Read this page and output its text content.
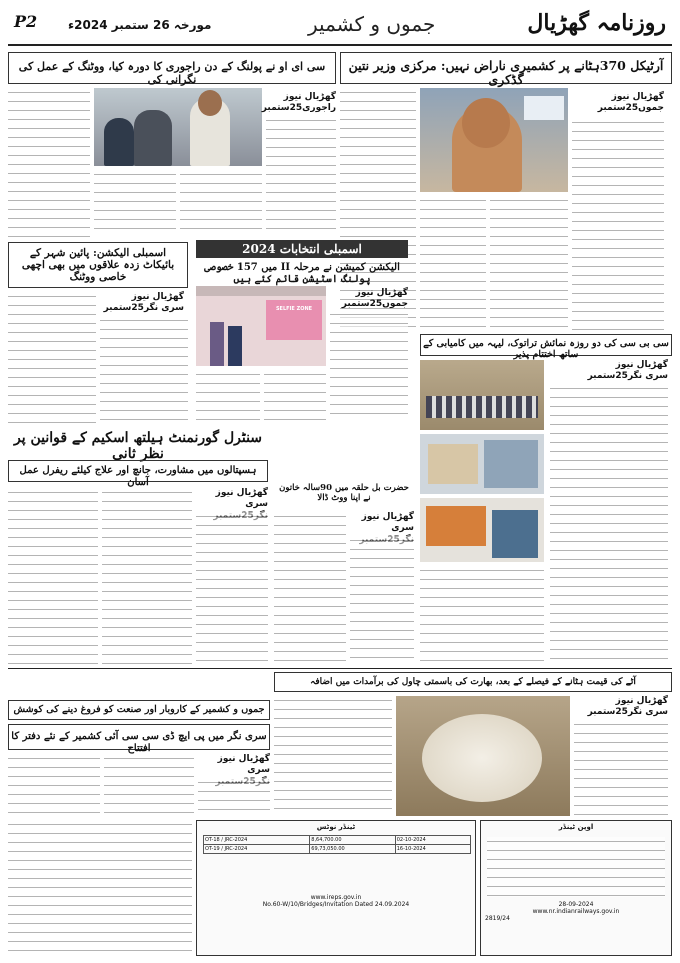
P2	مورخہ 26 ستمبر 2024ء	جموں و کشمیر	روزنامہ گھڑیال
آرٹیکل 370ہٹانے پر کشمیری ناراض نہیں: مرکزی وزیر نتین گڈکری
گھڑیال نیوز
جموں25ستمبر
سی ای او نے پولنگ کے دن راجوری کا دورہ کیا، ووٹنگ کے عمل کی نگرانی کی
گھڑیال نیوز
راجوری25ستمبر
اسمبلی الیکشن: پائین شہر کے بائیکاٹ زدہ علاقوں میں بھی اچھی خاصی ووٹنگ
گھڑیال نیوز
سری نگر25ستمبر
اسمبلی انتخابات 2024
الیکشن کمیشن نے مرحلہ II میں 157 خصوصی پولنگ اسٹیشن قائم کئے ہیں
SELFIE ZONE
گھڑیال نیوز
جموں25ستمبر
سی بی سی کی دو روزہ نمائش تراتوک، لیہہ میں کامیابی کے ساتھ اختتام پذیر
گھڑیال نیوز
سری نگر25ستمبر
سنٹرل گورنمنٹ ہیلتھ اسکیم کے قوانین پر نظر ثانی
ہسپتالوں میں مشاورت، جانچ اور علاج کیلئے ریفرل عمل آسان
گھڑیال نیوز
سری
حضرت بل حلقہ میں 90سالہ خاتون نے اپنا ووٹ ڈالا
گھڑیال نیوز
سری
آٹے کی قیمت ہٹانے کے فیصلے کے بعد، بھارت کی باسمتی چاول کی برآمدات میں اضافہ
گھڑیال نیوز
سری نگر25ستمبر
جموں و کشمیر کے کاروبار اور صنعت کو فروغ دینے کی کوشش
سری نگر میں پی ایچ ڈی سی سی آئی کشمیر کے نئے دفتر کا افتتاح
گھڑیال نیوز
سری
ٹینڈر نوٹس
OT-18 / JRC-2024	8,64,700.00	02-10-2024
OT-19 / JRC-2024	69,73,050.00	16-10-2024
www.ireps.gov.in
No.60-W/10/Bridges/Invitation Dated 24.09.2024
اوپن ٹینڈر
28-09-2024
www.nr.indianrailways.gov.in
2819/24
